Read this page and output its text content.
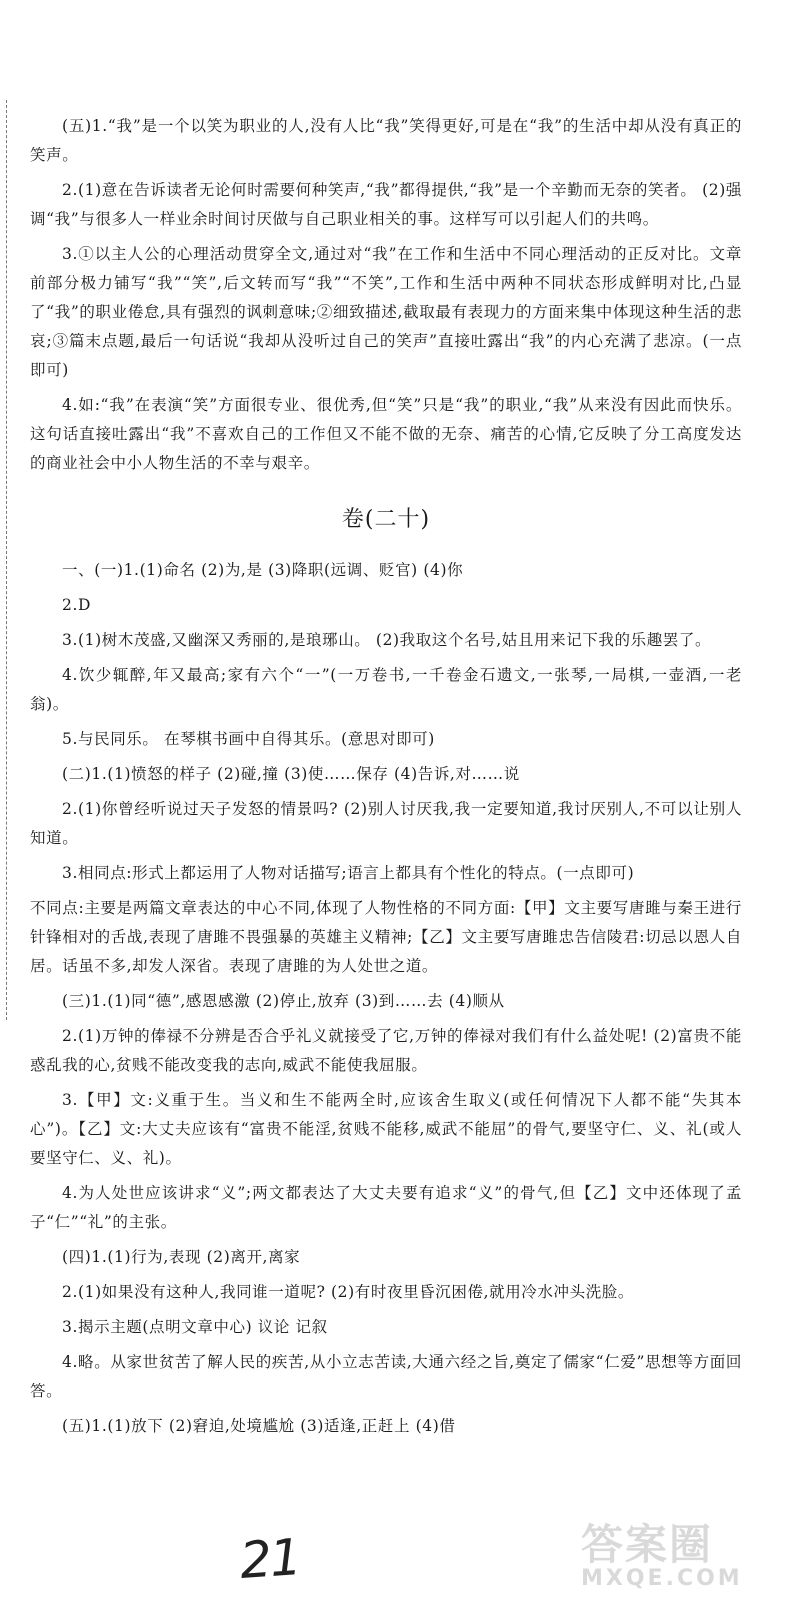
(五)1.“我”是一个以笑为职业的人,没有人比“我”笑得更好,可是在“我”的生活中却从没有真正的笑声。

2.(1)意在告诉读者无论何时需要何种笑声,“我”都得提供,“我”是一个辛勤而无奈的笑者。 (2)强调“我”与很多人一样业余时间讨厌做与自己职业相关的事。这样写可以引起人们的共鸣。

3.①以主人公的心理活动贯穿全文,通过对“我”在工作和生活中不同心理活动的正反对比。文章前部分极力铺写“我”“笑”,后文转而写“我”“不笑”,工作和生活中两种不同状态形成鲜明对比,凸显了“我”的职业倦怠,具有强烈的讽刺意味;②细致描述,截取最有表现力的方面来集中体现这种生活的悲哀;③篇末点题,最后一句话说“我却从没听过自己的笑声”直接吐露出“我”的内心充满了悲凉。(一点即可)

4.如:“我”在表演“笑”方面很专业、很优秀,但“笑”只是“我”的职业,“我”从来没有因此而快乐。这句话直接吐露出“我”不喜欢自己的工作但又不能不做的无奈、痛苦的心情,它反映了分工高度发达的商业社会中小人物生活的不幸与艰辛。

卷(二十)

一、(一)1.(1)命名 (2)为,是 (3)降职(远调、贬官) (4)你

2.D

3.(1)树木茂盛,又幽深又秀丽的,是琅琊山。 (2)我取这个名号,姑且用来记下我的乐趣罢了。

4.饮少辄醉,年又最高;家有六个“一”(一万卷书,一千卷金石遗文,一张琴,一局棋,一壶酒,一老翁)。

5.与民同乐。 在琴棋书画中自得其乐。(意思对即可)

(二)1.(1)愤怒的样子 (2)碰,撞 (3)使……保存 (4)告诉,对……说

2.(1)你曾经听说过天子发怒的情景吗? (2)别人讨厌我,我一定要知道,我讨厌别人,不可以让别人知道。

3.相同点:形式上都运用了人物对话描写;语言上都具有个性化的特点。(一点即可)

不同点:主要是两篇文章表达的中心不同,体现了人物性格的不同方面:【甲】文主要写唐雎与秦王进行针锋相对的舌战,表现了唐雎不畏强暴的英雄主义精神;【乙】文主要写唐雎忠告信陵君:切忌以恩人自居。话虽不多,却发人深省。表现了唐雎的为人处世之道。

(三)1.(1)同“德”,感恩感激 (2)停止,放弃 (3)到……去 (4)顺从

2.(1)万钟的俸禄不分辨是否合乎礼义就接受了它,万钟的俸禄对我们有什么益处呢! (2)富贵不能惑乱我的心,贫贱不能改变我的志向,威武不能使我屈服。

3.【甲】文:义重于生。当义和生不能两全时,应该舍生取义(或任何情况下人都不能“失其本心”)。【乙】文:大丈夫应该有“富贵不能淫,贫贱不能移,威武不能屈”的骨气,要坚守仁、义、礼(或人要坚守仁、义、礼)。

4.为人处世应该讲求“义”;两文都表达了大丈夫要有追求“义”的骨气,但【乙】文中还体现了孟子“仁”“礼”的主张。

(四)1.(1)行为,表现 (2)离开,离家

2.(1)如果没有这种人,我同谁一道呢? (2)有时夜里昏沉困倦,就用冷水冲头洗脸。

3.揭示主题(点明文章中心) 议论 记叙

4.略。从家世贫苦了解人民的疾苦,从小立志苦读,大通六经之旨,奠定了儒家“仁爱”思想等方面回答。

(五)1.(1)放下 (2)窘迫,处境尴尬 (3)适逢,正赶上 (4)借

21	答案圈
MXQE.COM
